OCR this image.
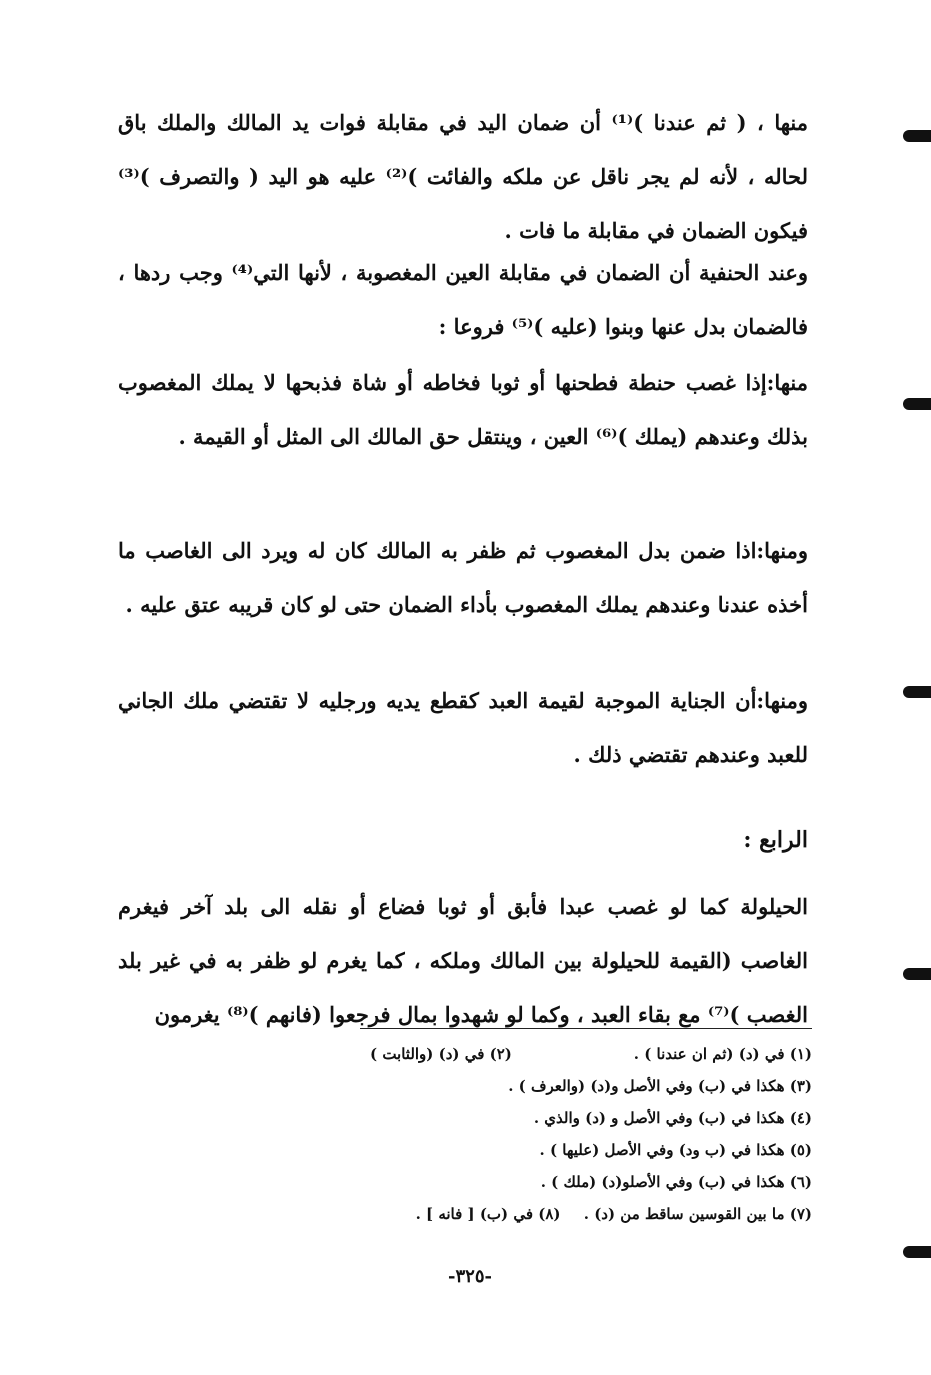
منها ، ( ثم عندنا )⁽¹⁾ أن ضمان اليد في مقابلة فوات يد المالك والملك باق لحاله ، لأنه لم يجر ناقل عن ملكه والفائت )⁽²⁾ عليه هو اليد ( والتصرف )⁽³⁾ فيكون الضمان في مقابلة ما فات .

وعند الحنفية أن الضمان في مقابلة العين المغصوبة ، لأنها التي⁽⁴⁾ وجب ردها ، فالضمان بدل عنها وبنوا (عليه )⁽⁵⁾ فروعا :

منها:إذا غصب حنطة فطحنها أو ثوبا فخاطه أو شاة فذبحها لا يملك المغصوب بذلك وعندهم (يملك )⁽⁶⁾ العين ، وينتقل حق المالك الى المثل أو القيمة .

ومنها:اذا ضمن بدل المغصوب ثم ظفر به المالك كان له ويرد الى الغاصب ما أخذه عندنا وعندهم يملك المغصوب بأداء الضمان حتى لو كان قريبه عتق عليه .

ومنها:أن الجناية الموجبة لقيمة العبد كقطع يديه ورجليه لا تقتضي ملك الجاني للعبد وعندهم تقتضي ذلك .

الرابع :

الحيلولة كما لو غصب عبدا فأبق أو ثوبا فضاع أو نقله الى بلد آخر فيغرم الغاصب (القيمة للحيلولة بين المالك وملكه ، كما يغرم لو ظفر به في غير بلد الغصب )⁽⁷⁾ مع بقاء العبد ، وكما لو شهدوا بمال فرجعوا (فانهم )⁽⁸⁾ يغرمون

(١) في (د) (ثم ان عندنا ) .
(٢) في (د) (والثابت )
(٣) هكذا في (ب) وفي الأصل و(د) (والعرف ) .
(٤) هكذا في (ب) وفي الأصل و (د) والذي .
(٥) هكذا في (ب ود) وفي الأصل (عليها ) .
(٦) هكذا في (ب) وفي الأصلو(د) (ملك ) .
(٧) ما بين القوسين ساقط من (د) . (٨) في (ب) [ فانه ] .
-٣٢٥-
